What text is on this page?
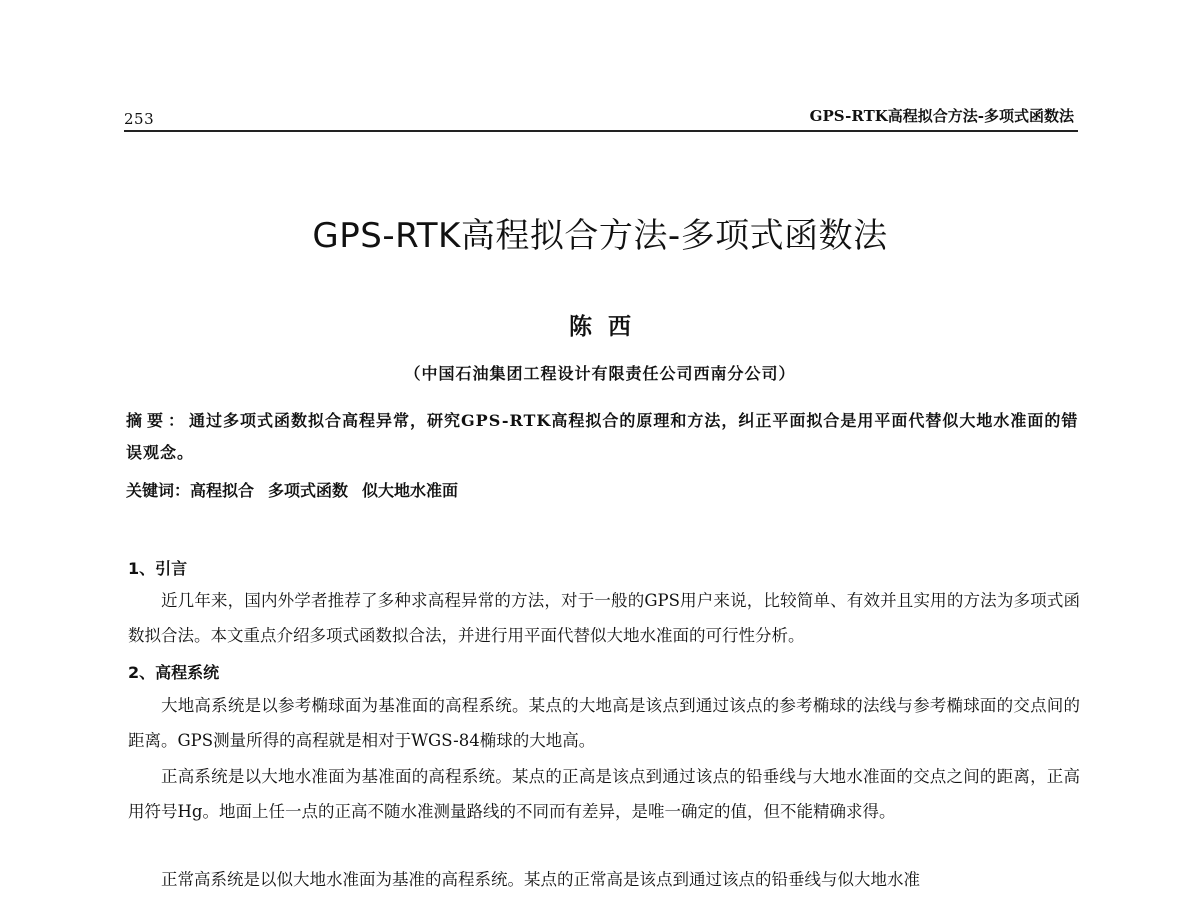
253	GPS-RTK高程拟合方法-多项式函数法
GPS-RTK高程拟合方法-多项式函数法
陈西
（中国石油集团工程设计有限责任公司西南分公司）
摘要：通过多项式函数拟合高程异常，研究GPS-RTK高程拟合的原理和方法，纠正平面拟合是用平面代替似大地水准面的错误观念。
关键词：高程拟合 多项式函数 似大地水准面
1、引言
近几年来，国内外学者推荐了多种求高程异常的方法，对于一般的GPS用户来说，比较简单、有效并且实用的方法为多项式函数拟合法。本文重点介绍多项式函数拟合法，并进行用平面代替似大地水准面的可行性分析。
2、高程系统
大地高系统是以参考椭球面为基准面的高程系统。某点的大地高是该点到通过该点的参考椭球的法线与参考椭球面的交点间的距离。GPS测量所得的高程就是相对于WGS-84椭球的大地高。
正高系统是以大地水准面为基准面的高程系统。某点的正高是该点到通过该点的铅垂线与大地水准面的交点之间的距离，正高用符号Hg。地面上任一点的正高不随水准测量路线的不同而有差异，是唯一确定的值，但不能精确求得。
正常高系统是以似大地水准面为基准的高程系统。某点的正常高是该点到通过该点的铅垂线与似大地水准
